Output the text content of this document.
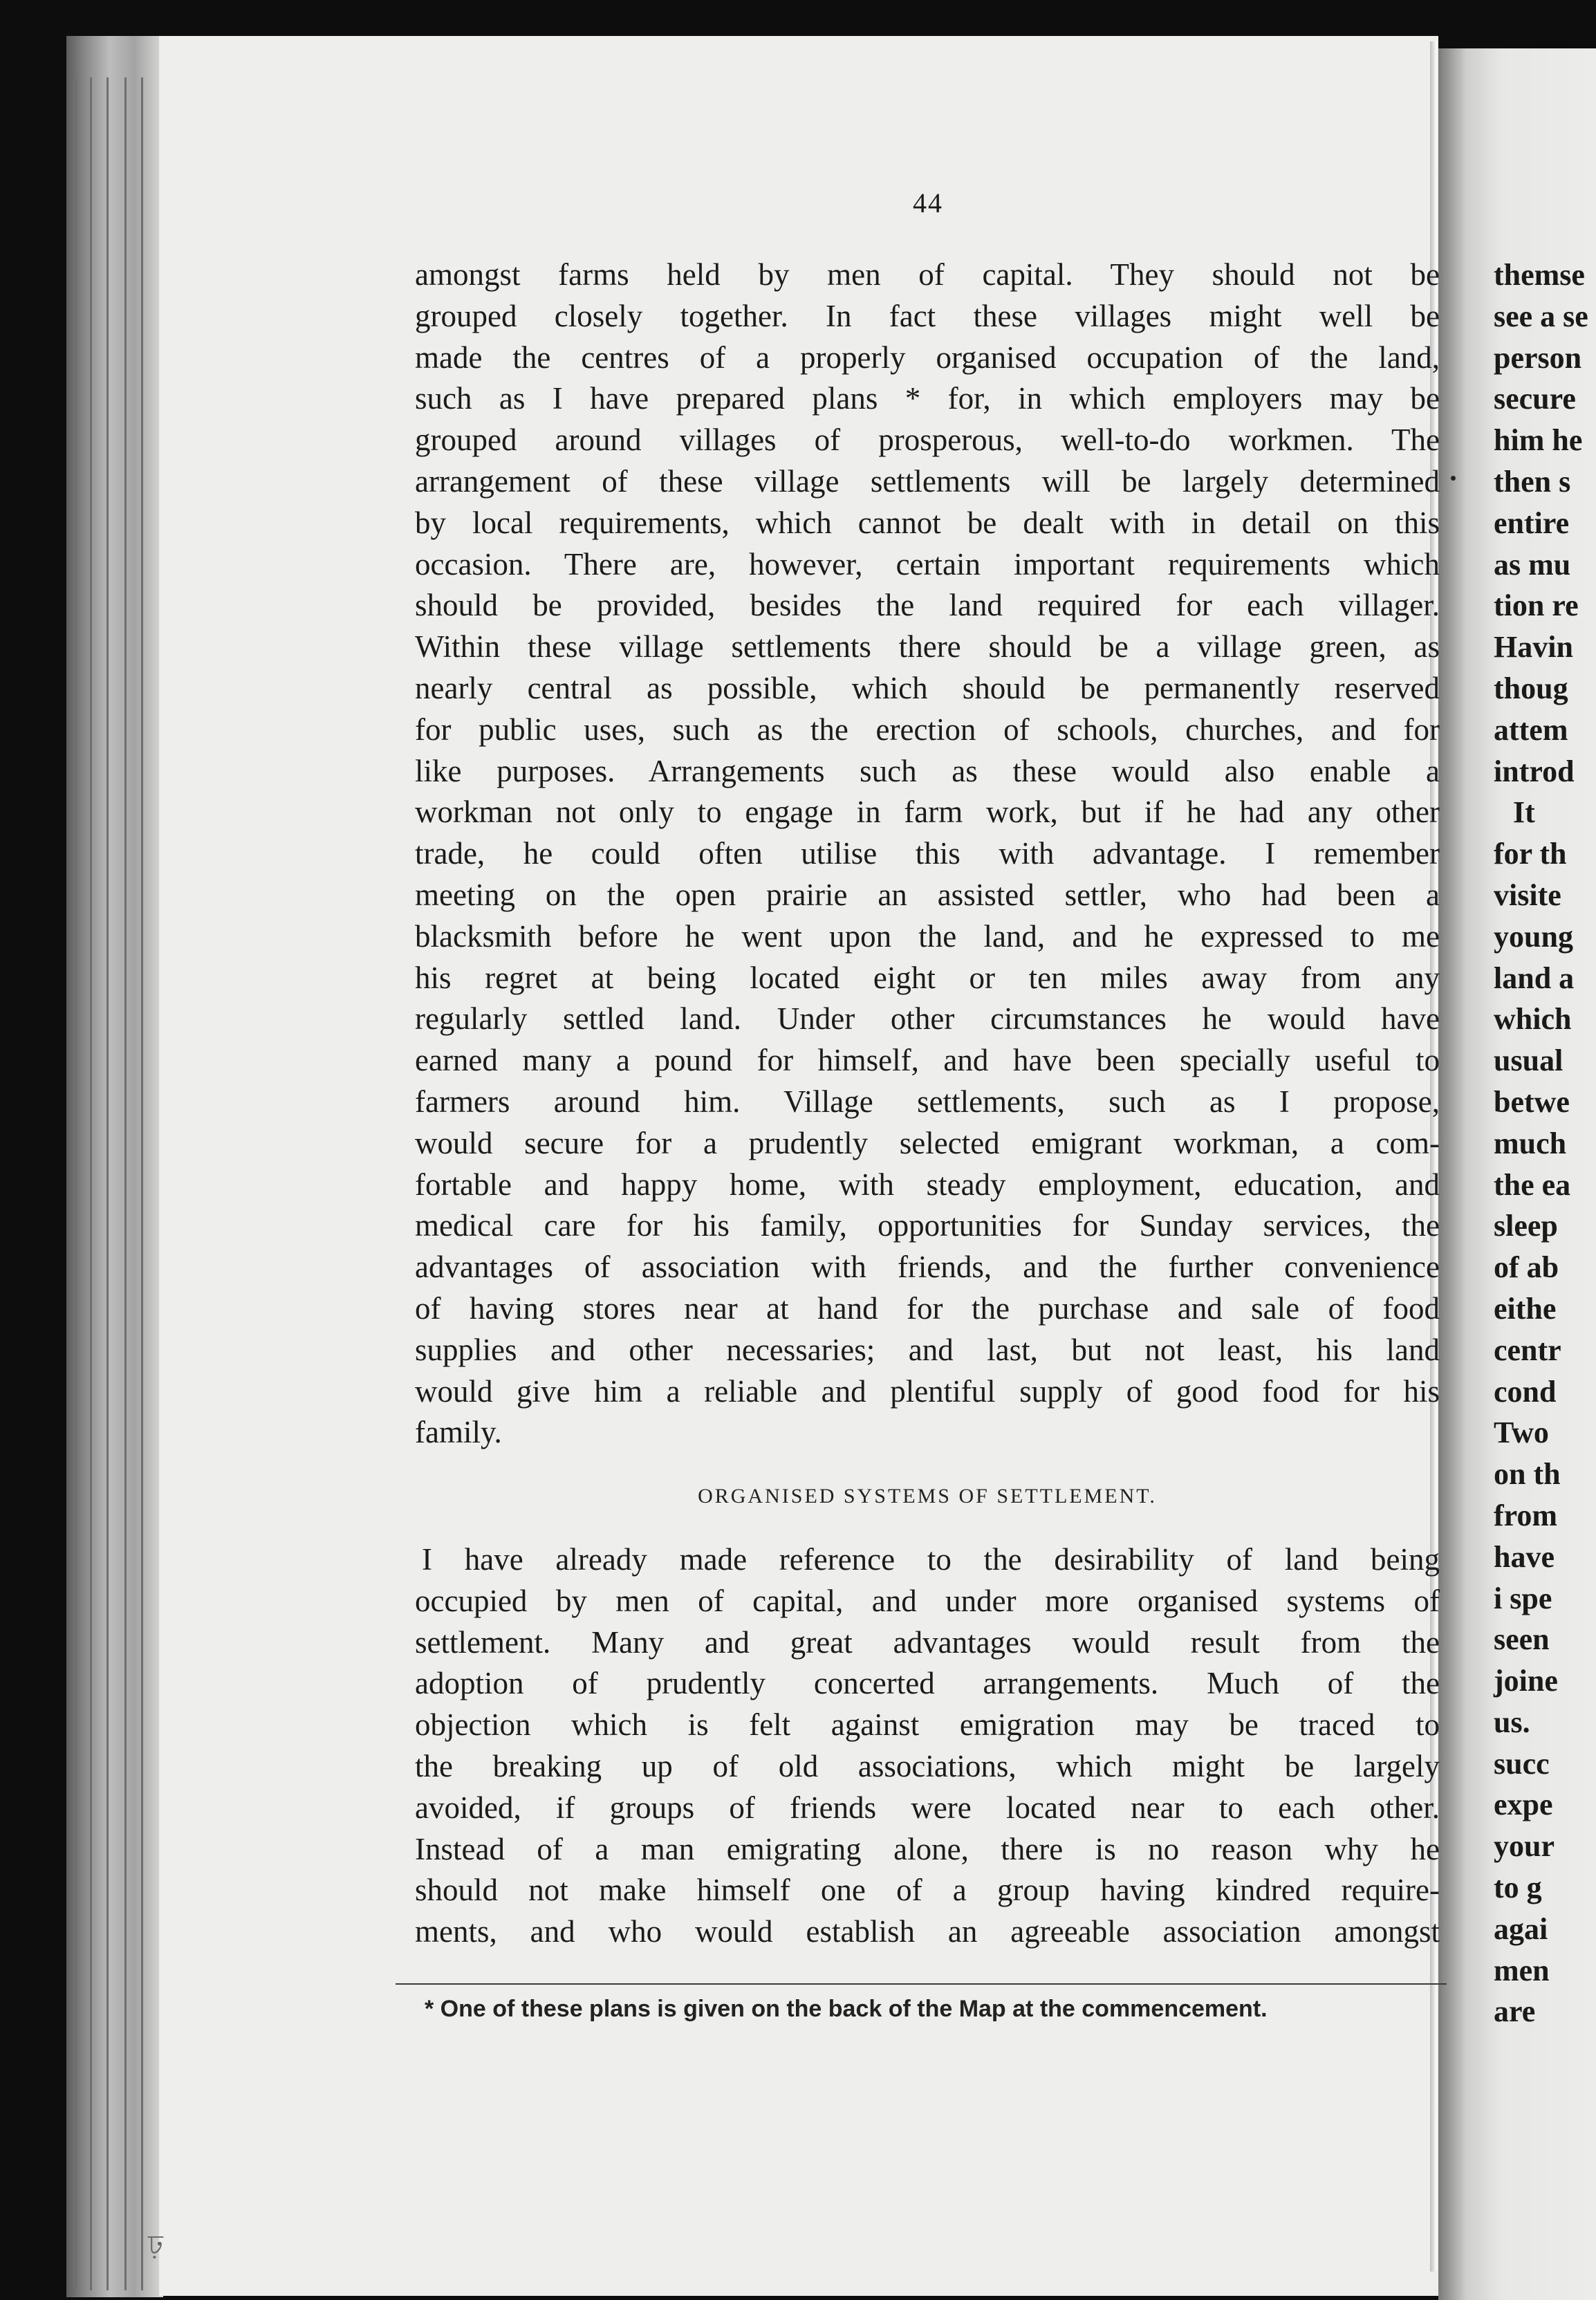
44
amongst farms held by men of capital. They should not be
grouped closely together. In fact these villages might well be
made the centres of a properly organised occupation of the land,
such as I have prepared plans * for, in which employers may be
grouped around villages of prosperous, well-to-do workmen. The
arrangement of these village settlements will be largely determined
by local requirements, which cannot be dealt with in detail on this
occasion. There are, however, certain important requirements which
should be provided, besides the land required for each villager.
Within these village settlements there should be a village green, as
nearly central as possible, which should be permanently reserved
for public uses, such as the erection of schools, churches, and for
like purposes. Arrangements such as these would also enable a
workman not only to engage in farm work, but if he had any other
trade, he could often utilise this with advantage. I remember
meeting on the open prairie an assisted settler, who had been a
blacksmith before he went upon the land, and he expressed to me
his regret at being located eight or ten miles away from any
regularly settled land. Under other circumstances he would have
earned many a pound for himself, and have been specially useful to
farmers around him. Village settlements, such as I propose,
would secure for a prudently selected emigrant workman, a com-
fortable and happy home, with steady employment, education, and
medical care for his family, opportunities for Sunday services, the
advantages of association with friends, and the further convenience
of having stores near at hand for the purchase and sale of food
supplies and other necessaries; and last, but not least, his land
would give him a reliable and plentiful supply of good food for his
family.
ORGANISED SYSTEMS OF SETTLEMENT.
I have already made reference to the desirability of land being
occupied by men of capital, and under more organised systems of
settlement. Many and great advantages would result from the
adoption of prudently concerted arrangements. Much of the
objection which is felt against emigration may be traced to
the breaking up of old associations, which might be largely
avoided, if groups of friends were located near to each other.
Instead of a man emigrating alone, there is no reason why he
should not make himself one of a group having kindred require-
ments, and who would establish an agreeable association amongst
* One of these plans is given on the back of the Map at the commencement.
ঢ়
themse
see a se
person
secure
him he
then s
entire
as mu
tion re
Havin
thoug
attem
introd
It
for th
visite
young
land a
which
usual
betwe
much
the ea
sleep
of ab
eithe
centr
cond
Two
on th
from
have
i spe
seen
joine
us.
succ
expe
your
to g
agai
men
are
